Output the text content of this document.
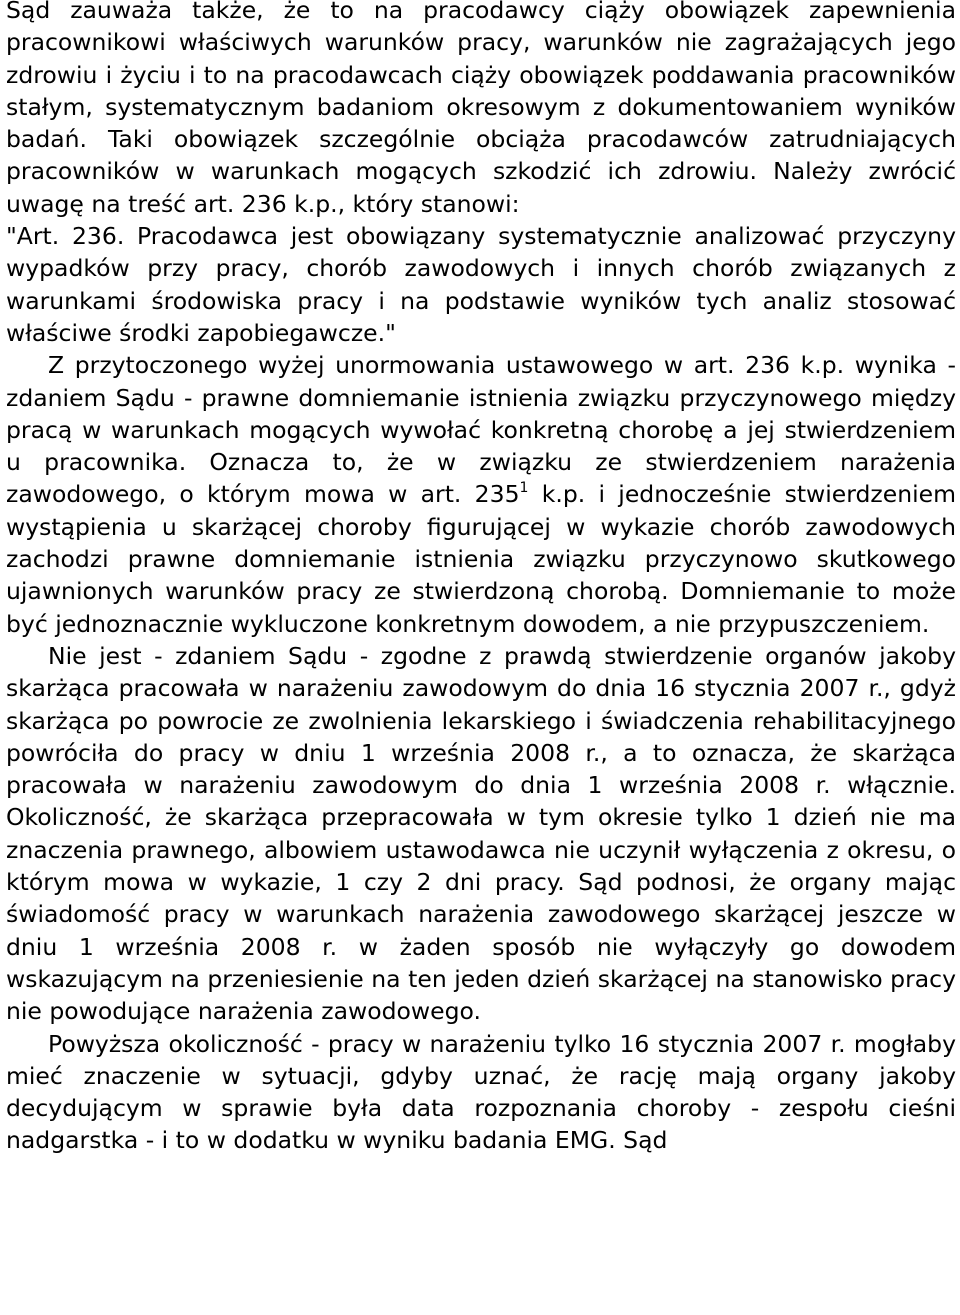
Sąd zauważa także, że to na pracodawcy ciąży obowiązek zapewnienia pracownikowi właściwych warunków pracy, warunków nie zagrażających jego zdrowiu i życiu i to na pracodawcach ciąży obowiązek poddawania pracowników stałym, systematycznym badaniom okresowym z dokumentowaniem wyników badań. Taki obowiązek szczególnie obciąża pracodawców zatrudniających pracowników w warunkach mogących szkodzić ich zdrowiu. Należy zwrócić uwagę na treść art. 236 k.p., który stanowi:

"Art. 236. Pracodawca jest obowiązany systematycznie analizować przyczyny wypadków przy pracy, chorób zawodowych i innych chorób związanych z warunkami środowiska pracy i na podstawie wyników tych analiz stosować właściwe środki zapobiegawcze."

Z przytoczonego wyżej unormowania ustawowego w art. 236 k.p. wynika - zdaniem Sądu - prawne domniemanie istnienia związku przyczynowego między pracą w warunkach mogących wywołać konkretną chorobę a jej stwierdzeniem u pracownika. Oznacza to, że w związku ze stwierdzeniem narażenia zawodowego, o którym mowa w art. $235^1$ k.p. i jednocześnie stwierdzeniem wystąpienia u skarżącej choroby figurującej w wykazie chorób zawodowych zachodzi prawne domniemanie istnienia związku przyczynowo skutkowego ujawnionych warunków pracy ze stwierdzoną chorobą. Domniemanie to może być jednoznacznie wykluczone konkretnym dowodem, a nie przypuszczeniem.

Nie jest - zdaniem Sądu - zgodne z prawdą stwierdzenie organów jakoby skarżąca pracowała w narażeniu zawodowym do dnia 16 stycznia 2007 r., gdyż skarżąca po powrocie ze zwolnienia lekarskiego i świadczenia rehabilitacyjnego powróciła do pracy w dniu 1 września 2008 r., a to oznacza, że skarżąca pracowała w narażeniu zawodowym do dnia 1 września 2008 r. włącznie. Okoliczność, że skarżąca przepracowała w tym okresie tylko 1 dzień nie ma znaczenia prawnego, albowiem ustawodawca nie uczynił wyłączenia z okresu, o którym mowa w wykazie, 1 czy 2 dni pracy. Sąd podnosi, że organy mając świadomość pracy w warunkach narażenia zawodowego skarżącej jeszcze w dniu 1 września 2008 r. w żaden sposób nie wyłączyły go dowodem wskazującym na przeniesienie na ten jeden dzień skarżącej na stanowisko pracy nie powodujące narażenia zawodowego.

Powyższa okoliczność - pracy w narażeniu tylko 16 stycznia 2007 r. mogłaby mieć znaczenie w sytuacji, gdyby uznać, że rację mają organy jakoby decydującym w sprawie była data rozpoznania choroby - zespołu cieśni nadgarstka - i to w dodatku w wyniku badania EMG. Sąd
